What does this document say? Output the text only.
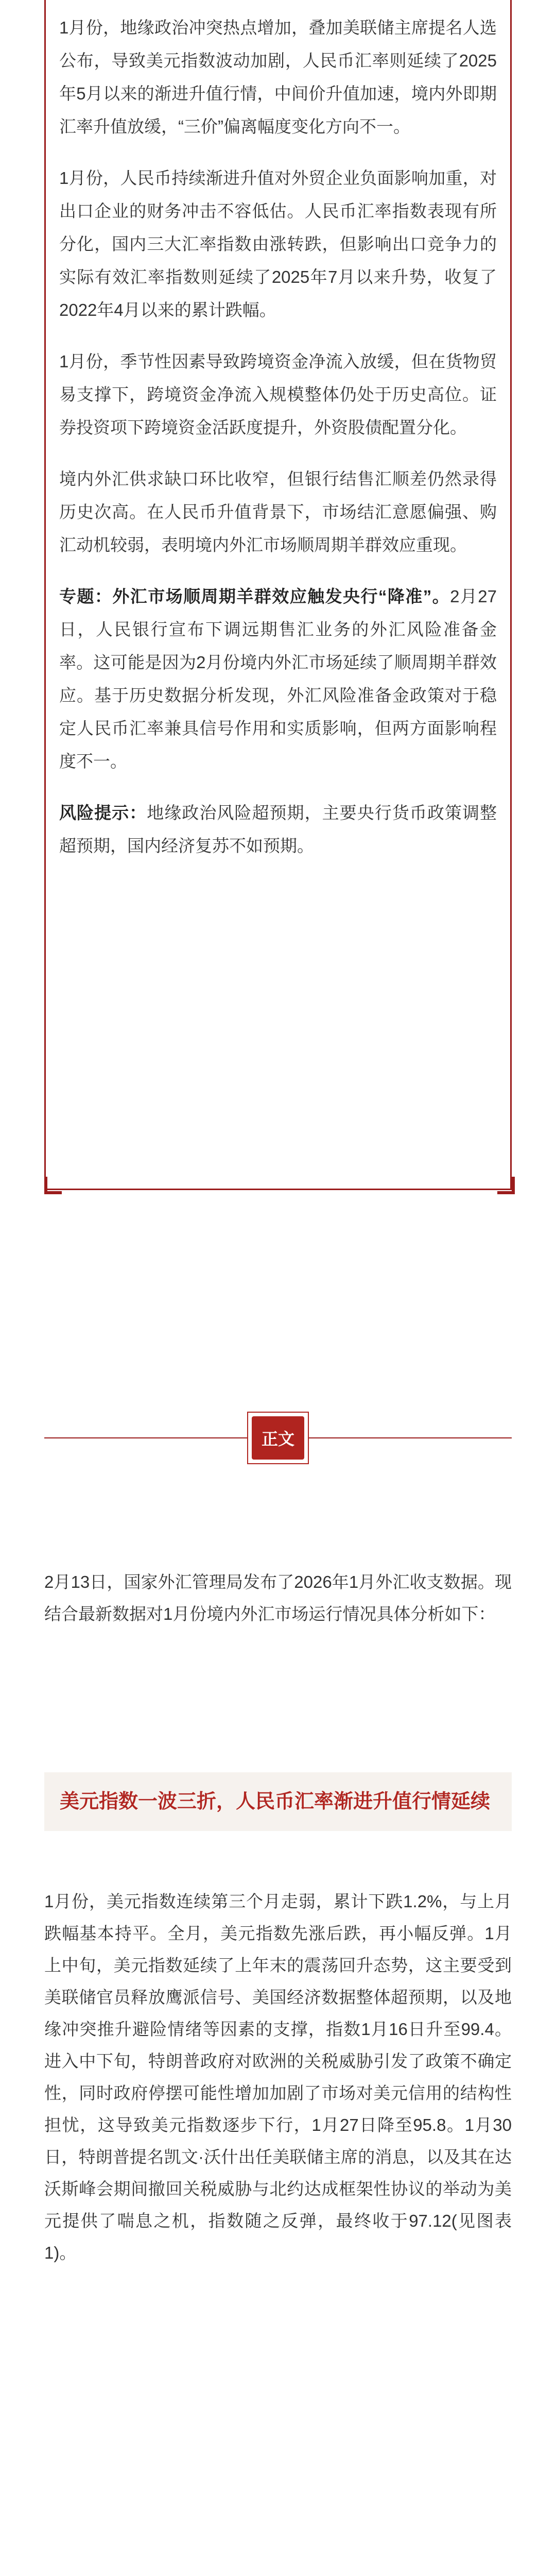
1月份，地缘政治冲突热点增加，叠加美联储主席提名人选公布，导致美元指数波动加剧，人民币汇率则延续了2025年5月以来的渐进升值行情，中间价升值加速，境内外即期汇率升值放缓，“三价”偏离幅度变化方向不一。

1月份，人民币持续渐进升值对外贸企业负面影响加重，对出口企业的财务冲击不容低估。人民币汇率指数表现有所分化，国内三大汇率指数由涨转跌，但影响出口竞争力的实际有效汇率指数则延续了2025年7月以来升势，收复了2022年4月以来的累计跌幅。

1月份，季节性因素导致跨境资金净流入放缓，但在货物贸易支撑下，跨境资金净流入规模整体仍处于历史高位。证券投资项下跨境资金活跃度提升，外资股债配置分化。

境内外汇供求缺口环比收窄，但银行结售汇顺差仍然录得历史次高。在人民币升值背景下，市场结汇意愿偏强、购汇动机较弱，表明境内外汇市场顺周期羊群效应重现。

专题：外汇市场顺周期羊群效应触发央行“降准”。2月27日，人民银行宣布下调远期售汇业务的外汇风险准备金率。这可能是因为2月份境内外汇市场延续了顺周期羊群效应。基于历史数据分析发现，外汇风险准备金政策对于稳定人民币汇率兼具信号作用和实质影响，但两方面影响程度不一。

风险提示：地缘政治风险超预期，主要央行货币政策调整超预期，国内经济复苏不如预期。

正文

2月13日，国家外汇管理局发布了2026年1月外汇收支数据。现结合最新数据对1月份境内外汇市场运行情况具体分析如下：

美元指数一波三折，人民币汇率渐进升值行情延续

1月份，美元指数连续第三个月走弱，累计下跌1.2%，与上月跌幅基本持平。全月，美元指数先涨后跌，再小幅反弹。1月上中旬，美元指数延续了上年末的震荡回升态势，这主要受到美联储官员释放鹰派信号、美国经济数据整体超预期，以及地缘冲突推升避险情绪等因素的支撑，指数1月16日升至99.4。进入中下旬，特朗普政府对欧洲的关税威胁引发了政策不确定性，同时政府停摆可能性增加加剧了市场对美元信用的结构性担忧，这导致美元指数逐步下行，1月27日降至95.8。1月30日，特朗普提名凯文·沃什出任美联储主席的消息，以及其在达沃斯峰会期间撤回关税威胁与北约达成框架性协议的举动为美元提供了喘息之机，指数随之反弹，最终收于97.12(见图表1)。
